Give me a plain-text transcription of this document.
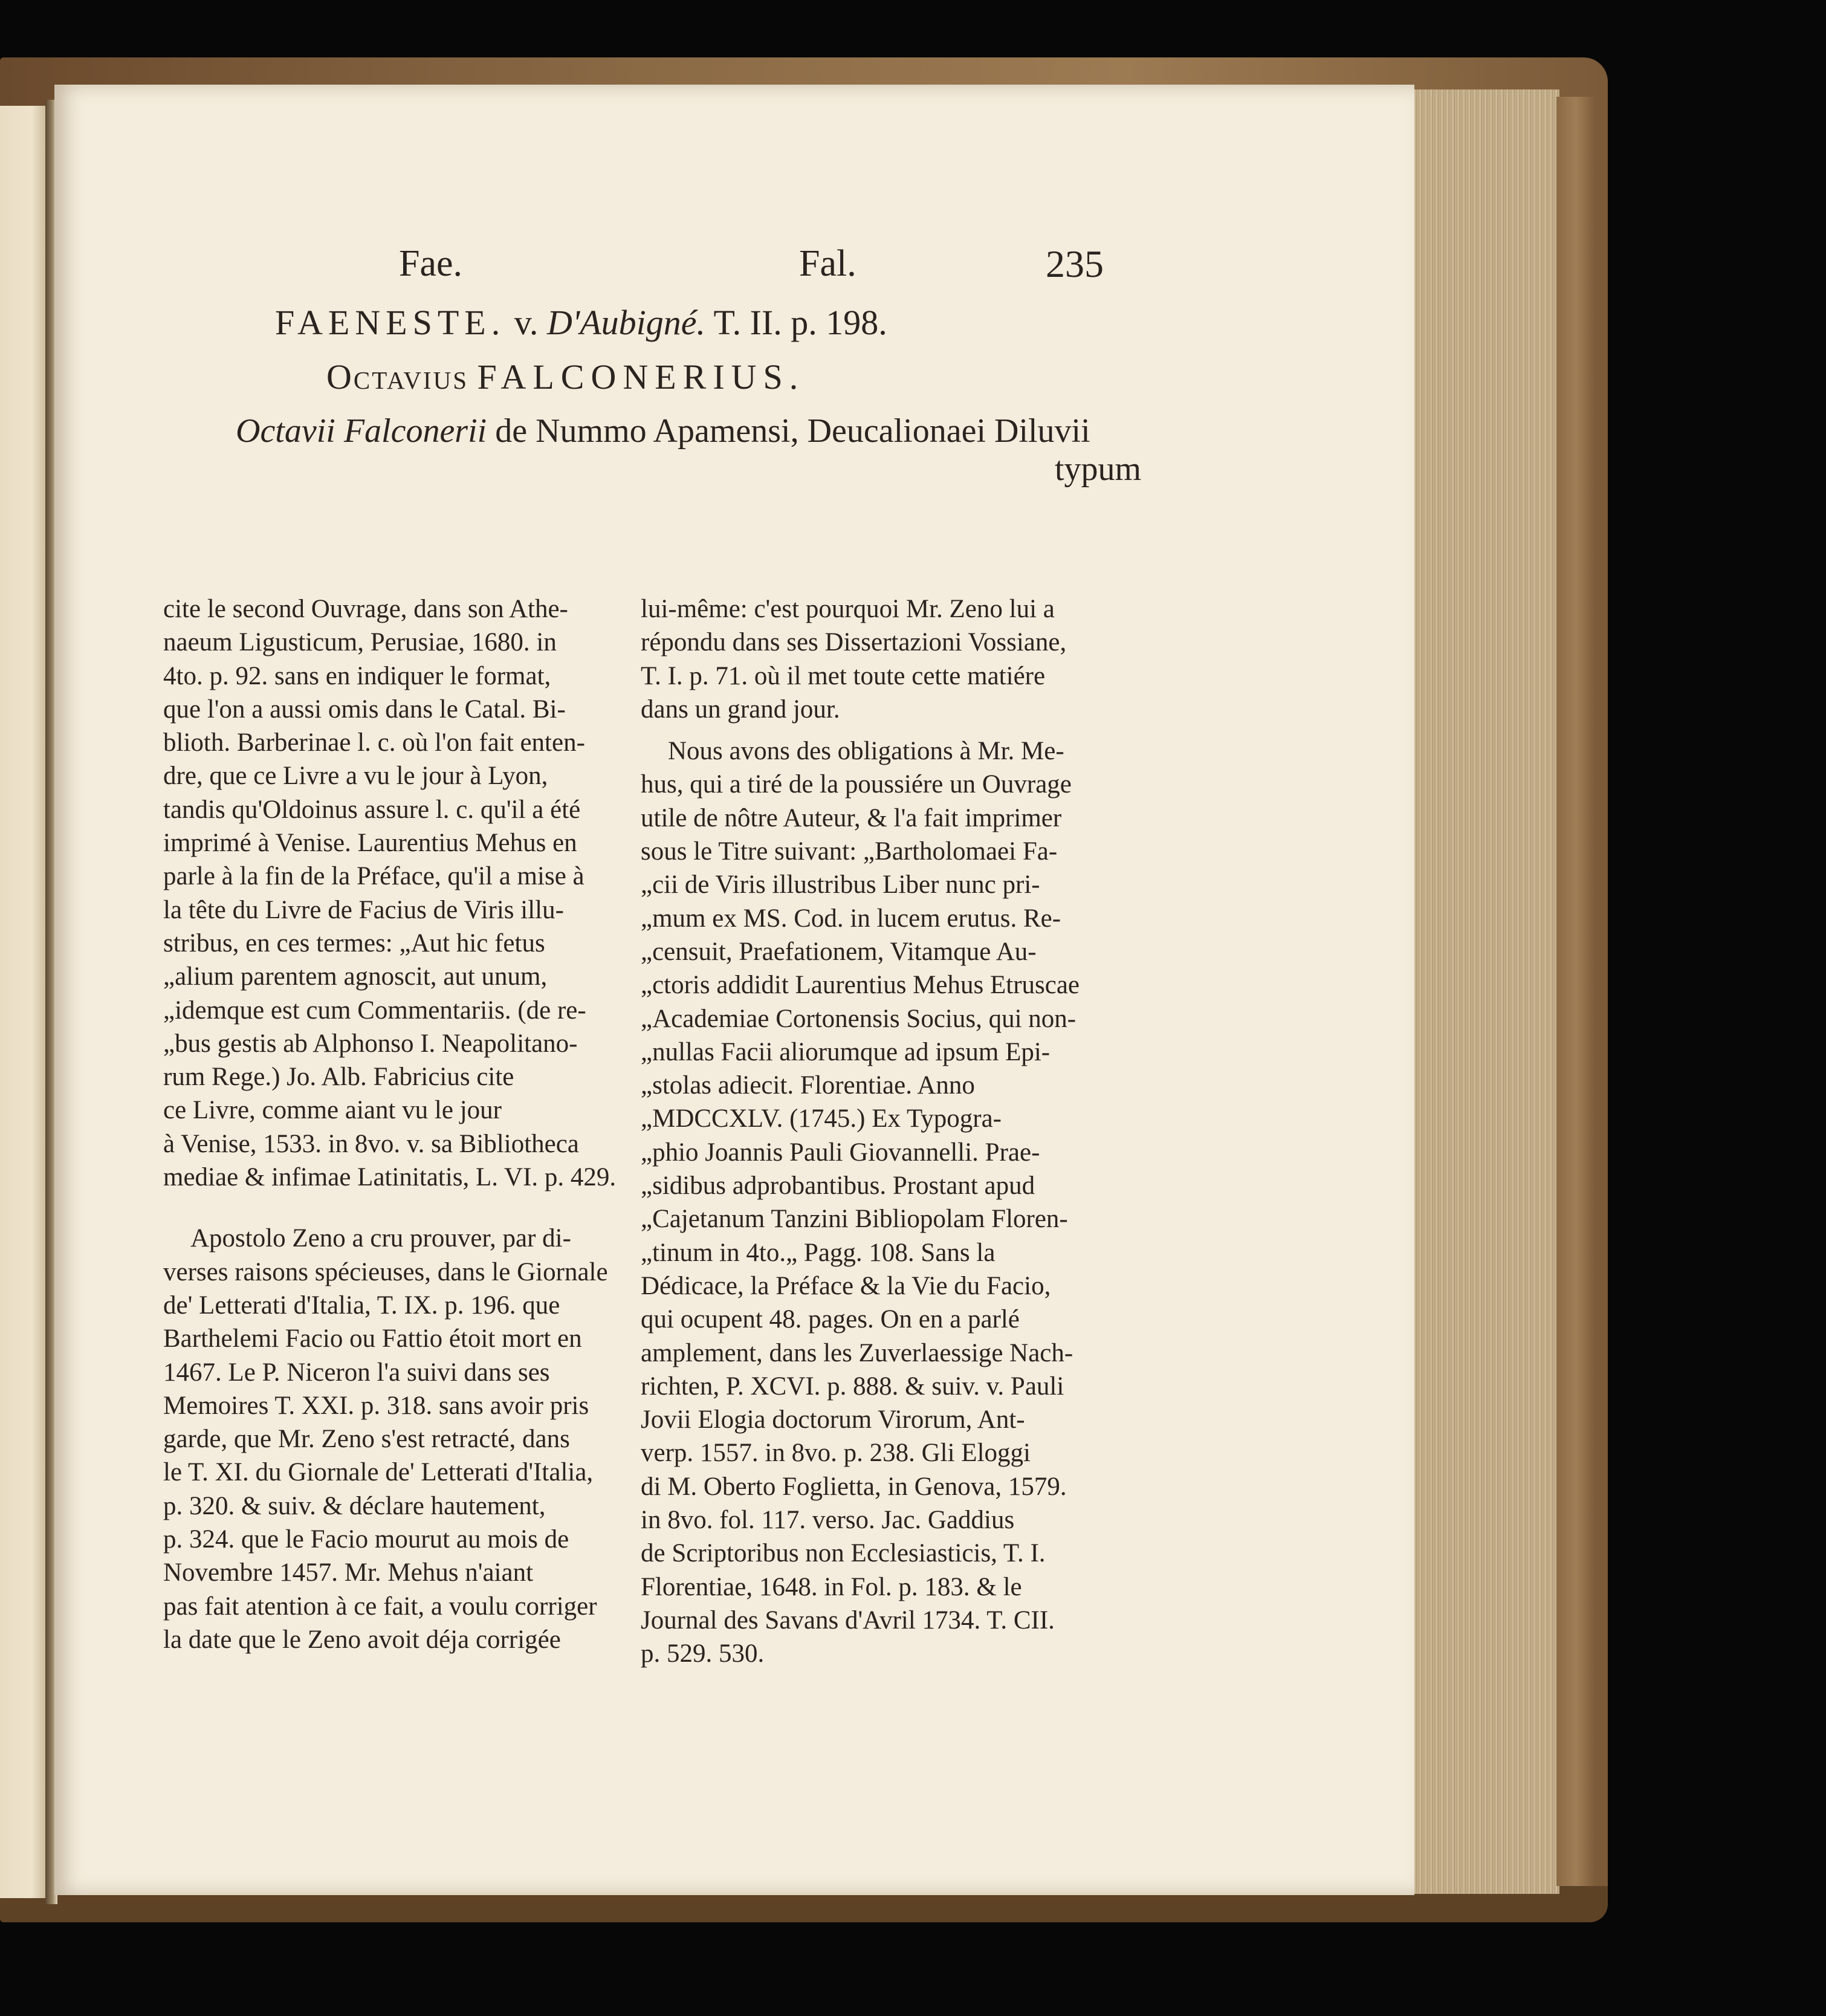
Fae.	Fal.	235
FAENESTE. v. D'Aubigné. T. II. p. 198.
Octavius FALCONERIUS.
Octavii Falconerii de Nummo Apamensi, Deucalionaei Diluvii
typum

cite le second Ouvrage, dans son Athe-
naeum Ligusticum, Perusiae, 1680. in
4to. p. 92. sans en indiquer le format,
que l'on a aussi omis dans le Catal. Bi-
blioth. Barberinae l. c. où l'on fait enten-
dre, que ce Livre a vu le jour à Lyon,
tandis qu'Oldoinus assure l. c. qu'il a été
imprimé à Venise. Laurentius Mehus en
parle à la fin de la Préface, qu'il a mise à
la tête du Livre de Facius de Viris illu-
stribus, en ces termes: „Aut hic fetus
„alium parentem agnoscit, aut unum,
„idemque est cum Commentariis. (de re-
„bus gestis ab Alphonso I. Neapolitano-
rum Rege.) Jo. Alb. Fabricius cite
ce Livre, comme aiant vu le jour
à Venise, 1533. in 8vo. v. sa Bibliotheca
mediae & infimae Latinitatis, L. VI. p. 429.

Apostolo Zeno a cru prouver, par di-
verses raisons spécieuses, dans le Giornale
de' Letterati d'Italia, T. IX. p. 196. que
Barthelemi Facio ou Fattio étoit mort en
1467. Le P. Niceron l'a suivi dans ses
Memoires T. XXI. p. 318. sans avoir pris
garde, que Mr. Zeno s'est retracté, dans
le T. XI. du Giornale de' Letterati d'Italia,
p. 320. & suiv. & déclare hautement,
p. 324. que le Facio mourut au mois de
Novembre 1457. Mr. Mehus n'aiant
pas fait atention à ce fait, a voulu corriger
la date que le Zeno avoit déja corrigée

lui-même: c'est pourquoi Mr. Zeno lui a
répondu dans ses Dissertazioni Vossiane,
T. I. p. 71. où il met toute cette matiére
dans un grand jour.

Nous avons des obligations à Mr. Me-
hus, qui a tiré de la poussiére un Ouvrage
utile de nôtre Auteur, & l'a fait imprimer
sous le Titre suivant: „Bartholomaei Fa-
„cii de Viris illustribus Liber nunc pri-
„mum ex MS. Cod. in lucem erutus. Re-
„censuit, Praefationem, Vitamque Au-
„ctoris addidit Laurentius Mehus Etruscae
„Academiae Cortonensis Socius, qui non-
„nullas Facii aliorumque ad ipsum Epi-
„stolas adiecit. Florentiae. Anno
„MDCCXLV. (1745.) Ex Typogra-
„phio Joannis Pauli Giovannelli. Prae-
„sidibus adprobantibus. Prostant apud
„Cajetanum Tanzini Bibliopolam Floren-
„tinum in 4to.„ Pagg. 108. Sans la
Dédicace, la Préface & la Vie du Facio,
qui ocupent 48. pages. On en a parlé
amplement, dans les Zuverlaessige Nach-
richten, P. XCVI. p. 888. & suiv. v. Pauli
Jovii Elogia doctorum Virorum, Ant-
verp. 1557. in 8vo. p. 238. Gli Eloggi
di M. Oberto Foglietta, in Genova, 1579.
in 8vo. fol. 117. verso. Jac. Gaddius
de Scriptoribus non Ecclesiasticis, T. I.
Florentiae, 1648. in Fol. p. 183. & le
Journal des Savans d'Avril 1734. T. CII.
p. 529. 530.
